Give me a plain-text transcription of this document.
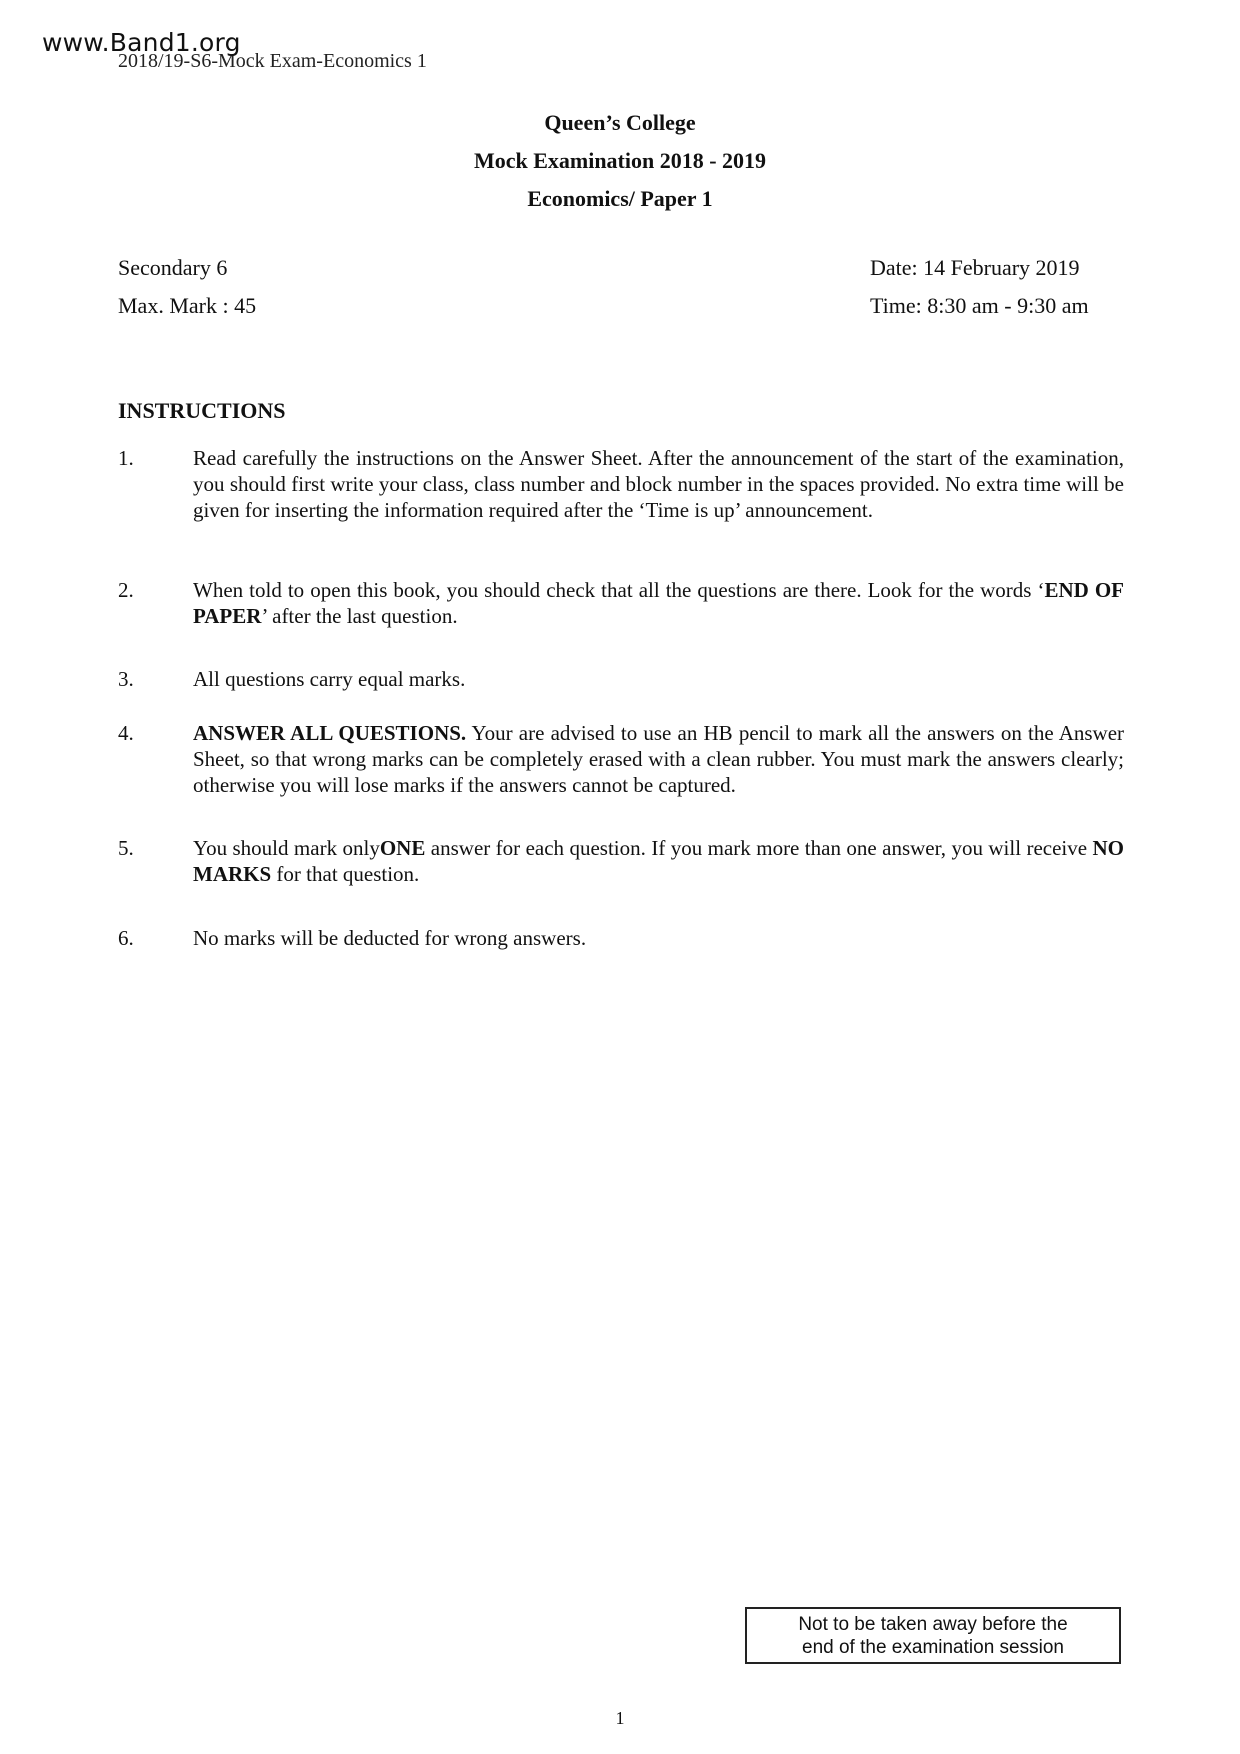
www.Band1.org
2018/19-S6-Mock Exam-Economics 1
Queen’s College
Mock Examination 2018 - 2019
Economics/ Paper 1
Secondary 6
Max. Mark : 45
Date: 14 February 2019
Time: 8:30 am - 9:30 am
INSTRUCTIONS
1.	Read carefully the instructions on the Answer Sheet. After the announcement of the start of the examination, you should first write your class, class number and block number in the spaces provided. No extra time will be given for inserting the information required after the ‘Time is up’ announcement.
2.	When told to open this book, you should check that all the questions are there. Look for the words ‘END OF PAPER’ after the last question.
3.	All questions carry equal marks.
4.	ANSWER ALL QUESTIONS. Your are advised to use an HB pencil to mark all the answers on the Answer Sheet, so that wrong marks can be completely erased with a clean rubber. You must mark the answers clearly; otherwise you will lose marks if the answers cannot be captured.
5.	You should mark onlyONE answer for each question. If you mark more than one answer, you will receive NO MARKS for that question.
6.	No marks will be deducted for wrong answers.
Not to be taken away before the
end of the examination session
1
